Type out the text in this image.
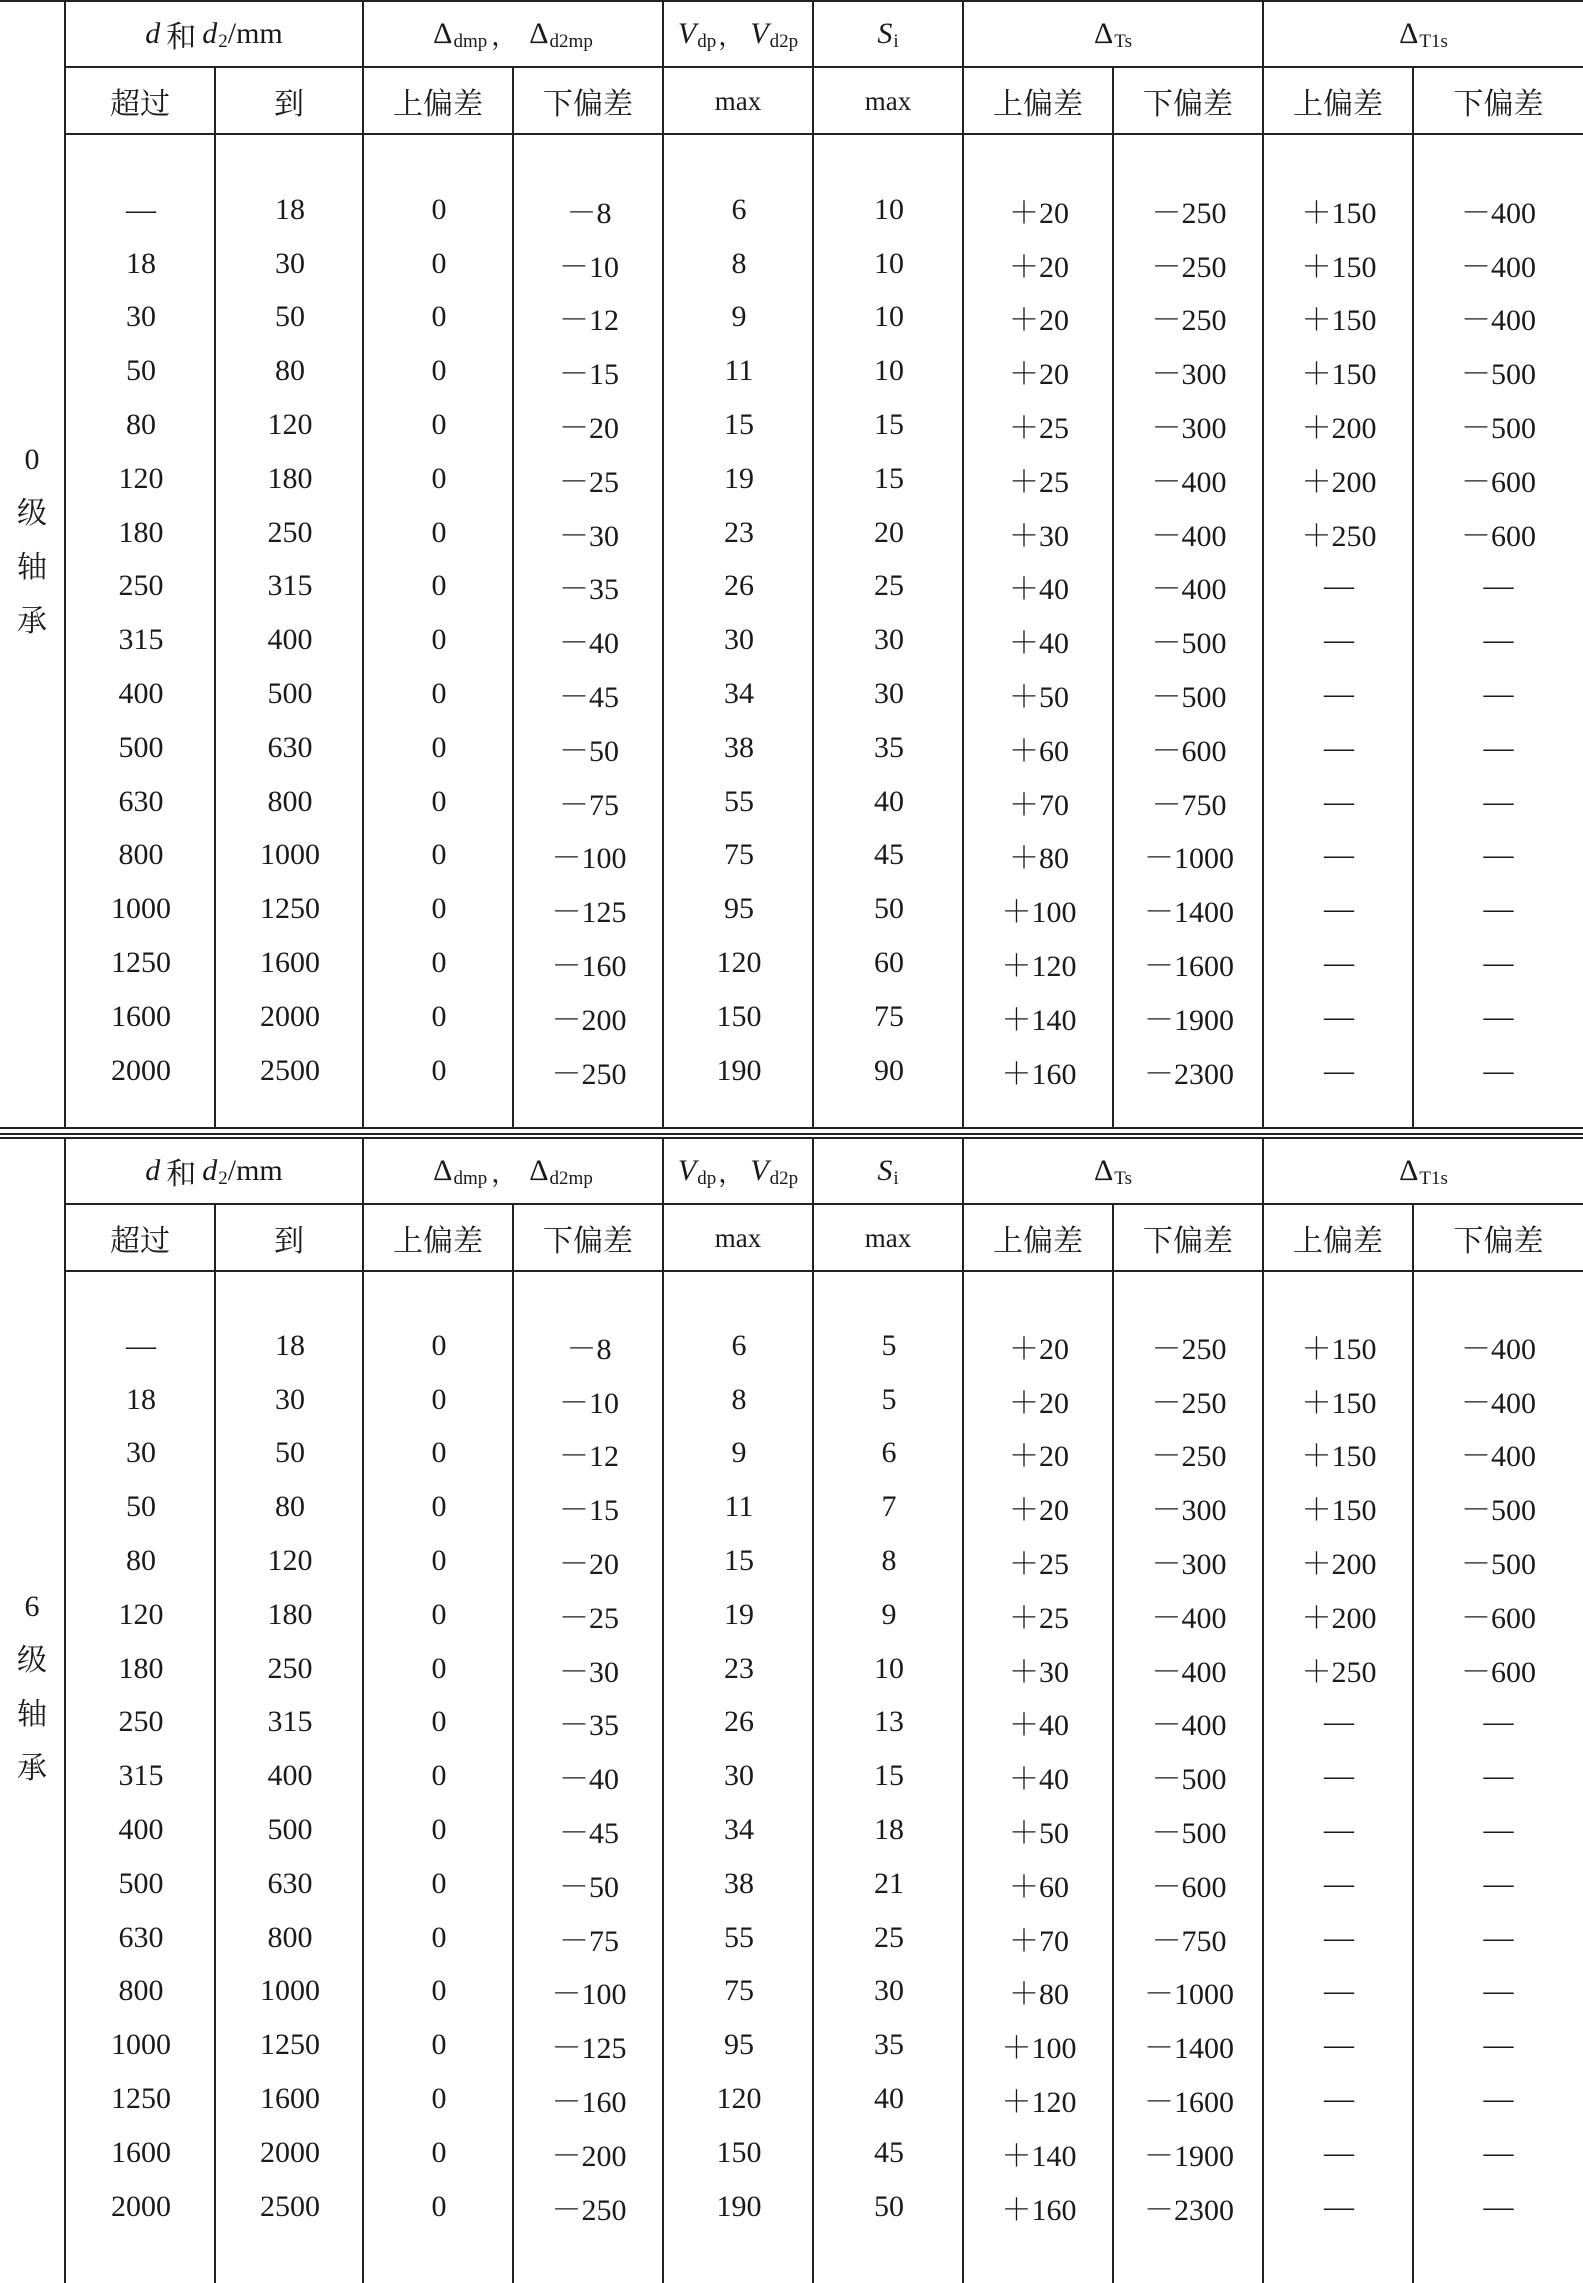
d 和 d 2 /mm	Δ dmp ， Δ d2mp	V dp ， V d2p	S i	Δ Ts	Δ T1s
超过	到	上偏差	下偏差	max	max	上偏差	下偏差	上偏差	下偏差
0
级
轴
承
—	18	0	－8	6	10	＋20	－250	＋150	－400
18	30	0	－10	8	10	＋20	－250	＋150	－400
30	50	0	－12	9	10	＋20	－250	＋150	－400
50	80	0	－15	11	10	＋20	－300	＋150	－500
80	120	0	－20	15	15	＋25	－300	＋200	－500
120	180	0	－25	19	15	＋25	－400	＋200	－600
180	250	0	－30	23	20	＋30	－400	＋250	－600
250	315	0	－35	26	25	＋40	－400	—	—
315	400	0	－40	30	30	＋40	－500	—	—
400	500	0	－45	34	30	＋50	－500	—	—
500	630	0	－50	38	35	＋60	－600	—	—
630	800	0	－75	55	40	＋70	－750	—	—
800	1000	0	－100	75	45	＋80	－1000	—	—
1000	1250	0	－125	95	50	＋100	－1400	—	—
1250	1600	0	－160	120	60	＋120	－1600	—	—
1600	2000	0	－200	150	75	＋140	－1900	—	—
2000	2500	0	－250	190	90	＋160	－2300	—	—
d 和 d 2 /mm	Δ dmp ， Δ d2mp	V dp ， V d2p	S i	Δ Ts	Δ T1s
超过	到	上偏差	下偏差	max	max	上偏差	下偏差	上偏差	下偏差
6
级
轴
承
—	18	0	－8	6	5	＋20	－250	＋150	－400
18	30	0	－10	8	5	＋20	－250	＋150	－400
30	50	0	－12	9	6	＋20	－250	＋150	－400
50	80	0	－15	11	7	＋20	－300	＋150	－500
80	120	0	－20	15	8	＋25	－300	＋200	－500
120	180	0	－25	19	9	＋25	－400	＋200	－600
180	250	0	－30	23	10	＋30	－400	＋250	－600
250	315	0	－35	26	13	＋40	－400	—	—
315	400	0	－40	30	15	＋40	－500	—	—
400	500	0	－45	34	18	＋50	－500	—	—
500	630	0	－50	38	21	＋60	－600	—	—
630	800	0	－75	55	25	＋70	－750	—	—
800	1000	0	－100	75	30	＋80	－1000	—	—
1000	1250	0	－125	95	35	＋100	－1400	—	—
1250	1600	0	－160	120	40	＋120	－1600	—	—
1600	2000	0	－200	150	45	＋140	－1900	—	—
2000	2500	0	－250	190	50	＋160	－2300	—	—
